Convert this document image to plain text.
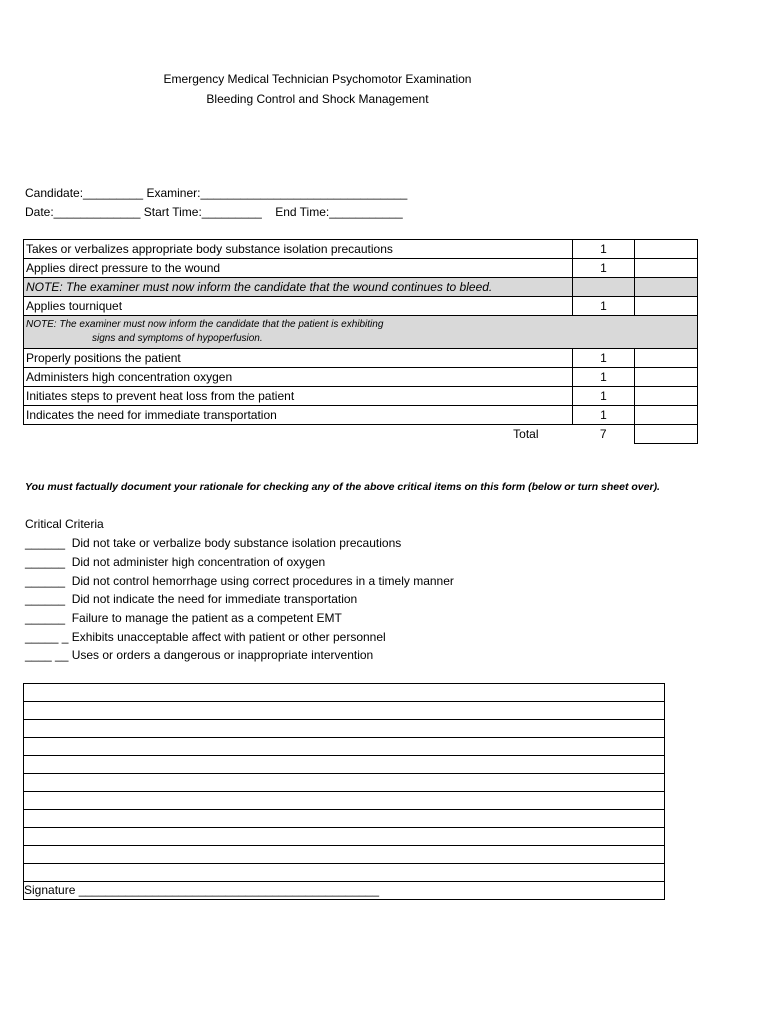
Emergency Medical Technician Psychomotor Examination
Bleeding Control and Shock Management
Candidate:_________ Examiner:_______________________________
Date:_____________ Start Time:_________    End Time:___________
Takes or verbalizes appropriate body substance isolation precautions	1	
Applies direct pressure to the wound	1	
NOTE: The examiner must now inform the candidate that the wound continues to bleed.		
Applies tourniquet	1	

NOTE: The examiner must now inform the candidate that the patient is exhibiting
signs and symptoms of hypoperfusion.		

Properly positions the patient	1	
Administers high concentration oxygen	1	
Initiates steps to prevent heat loss from the patient	1	
Indicates the need for immediate transportation	1	
Total	7	
You must factually document your rationale for checking any of the above critical items on this form (below or turn sheet over).
Critical Criteria
______  Did not take or verbalize body substance isolation precautions
______  Did not administer high concentration of oxygen
______  Did not control hemorrhage using correct procedures in a timely manner
______  Did not indicate the need for immediate transportation
______  Failure to manage the patient as a competent EMT
_____ _ Exhibits unacceptable affect with patient or other personnel
____ __ Uses or orders a dangerous or inappropriate intervention

Signature _____________________________________________
